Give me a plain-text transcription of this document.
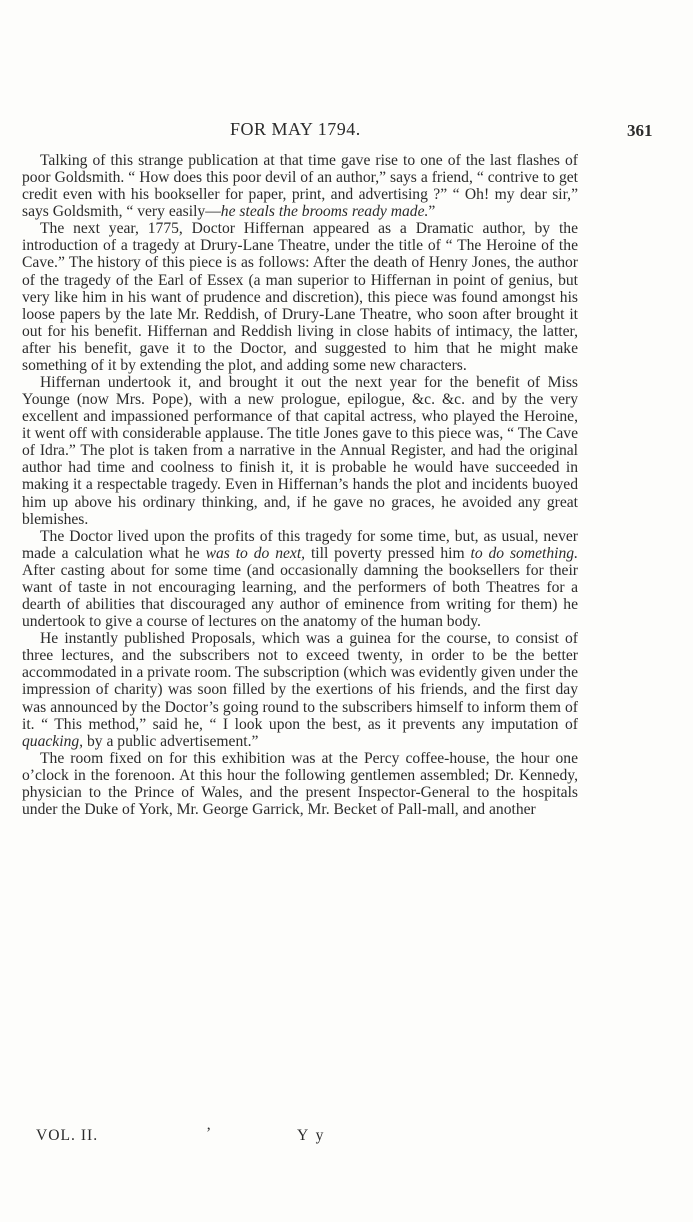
FOR MAY 1794.	361

Talking of this strange publication at that time gave rise to one of the last flashes of poor Goldsmith. “ How does this poor devil of an author,” says a friend, “ contrive to get credit even with his bookseller for paper, print, and advertising ?” “ Oh! my dear sir,” says Goldsmith, “ very easily—he steals the brooms ready made.”

The next year, 1775, Doctor Hiffernan appeared as a Dramatic author, by the introduction of a tragedy at Drury-Lane Theatre, under the title of “ The Heroine of the Cave.” The history of this piece is as follows: After the death of Henry Jones, the author of the tragedy of the Earl of Essex (a man superior to Hiffernan in point of genius, but very like him in his want of prudence and discretion), this piece was found amongst his loose papers by the late Mr. Reddish, of Drury-Lane Theatre, who soon after brought it out for his benefit. Hiffernan and Reddish living in close habits of intimacy, the latter, after his benefit, gave it to the Doctor, and suggested to him that he might make something of it by extending the plot, and adding some new characters.

Hiffernan undertook it, and brought it out the next year for the benefit of Miss Younge (now Mrs. Pope), with a new prologue, epilogue, &c. &c. and by the very excellent and impassioned performance of that capital actress, who played the Heroine, it went off with considerable applause. The title Jones gave to this piece was, “ The Cave of Idra.” The plot is taken from a narrative in the Annual Register, and had the original author had time and coolness to finish it, it is probable he would have succeeded in making it a respectable tragedy. Even in Hiffernan’s hands the plot and incidents buoyed him up above his ordinary thinking, and, if he gave no graces, he avoided any great blemishes.

The Doctor lived upon the profits of this tragedy for some time, but, as usual, never made a calculation what he was to do next, till poverty pressed him to do something. After casting about for some time (and occasionally damning the booksellers for their want of taste in not encouraging learning, and the performers of both Theatres for a dearth of abilities that discouraged any author of eminence from writing for them) he undertook to give a course of lectures on the anatomy of the human body.

He instantly published Proposals, which was a guinea for the course, to consist of three lectures, and the subscribers not to exceed twenty, in order to be the better accommodated in a private room. The subscription (which was evidently given under the impression of charity) was soon filled by the exertions of his friends, and the first day was announced by the Doctor’s going round to the subscribers himself to inform them of it. “ This method,” said he, “ I look upon the best, as it prevents any imputation of quacking, by a public advertisement.”

The room fixed on for this exhibition was at the Percy coffee-house, the hour one o’clock in the forenoon. At this hour the following gentlemen assembled; Dr. Kennedy, physician to the Prince of Wales, and the present Inspector-General to the hospitals under the Duke of York, Mr. George Garrick, Mr. Becket of Pall-mall, and another

VOL. II.	’	Y y
